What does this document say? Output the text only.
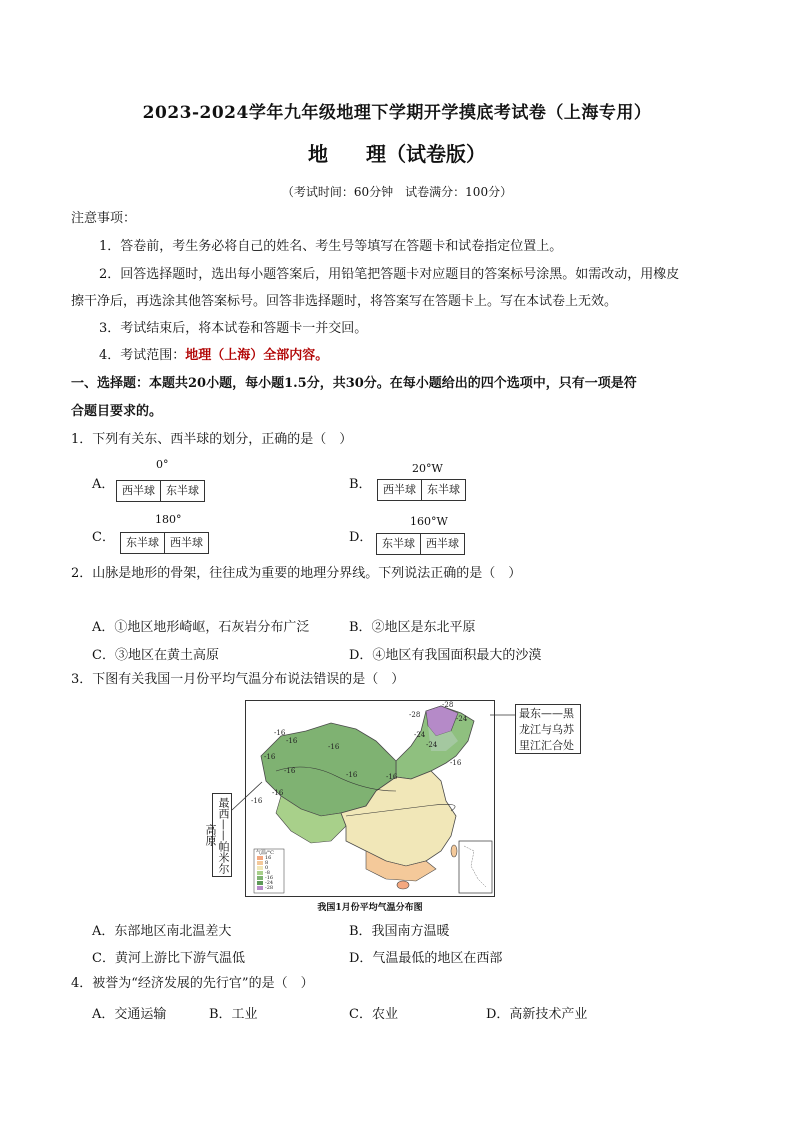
2023-2024学年九年级地理下学期开学摸底考试卷（上海专用）
地 理（试卷版）
（考试时间：60分钟　试卷满分：100分）
注意事项：
1．答卷前，考生务必将自己的姓名、考生号等填写在答题卡和试卷指定位置上。
2．回答选择题时，选出每小题答案后，用铅笔把答题卡对应题目的答案标号涂黑。如需改动，用橡皮
擦干净后，再选涂其他答案标号。回答非选择题时，将答案写在答题卡上。写在本试卷上无效。
3．考试结束后，将本试卷和答题卡一并交回。
4．考试范围：地理（上海）全部内容。
一、选择题：本题共20小题，每小题1.5分，共30分。在每小题给出的四个选项中，只有一项是符
合题目要求的。
1．下列有关东、西半球的划分，正确的是（　）
A．
0°
西半球	东半球	B．
20°W
西半球	东半球
C．
180°
东半球	西半球	D．
160°W
东半球	西半球
2．山脉是地形的骨架，往往成为重要的地理分界线。下列说法正确的是（　）
A．①地区地形崎岖，石灰岩分布广泛	B．②地区是东北平原
C．③地区在黄土高原	D．④地区有我国面积最大的沙漠
3．下图有关我国一月份平均气温分布说法错误的是（　）
气温/°C
16
8
0
-8
-16
-24
-28
-28
-28	-24
-24
-16
-16
-16
-16
-16	-16	-16
-16
-16
-16
-24
最西——帕米尔高原
最东——黑龙江与乌苏里江汇合处
我国1月份平均气温分布图
A．东部地区南北温差大	B．我国南方温暖
C．黄河上游比下游气温低	D．气温最低的地区在西部
4．被誉为“经济发展的先行官”的是（　）
A．交通运输	B．工业	C．农业	D．高新技术产业
